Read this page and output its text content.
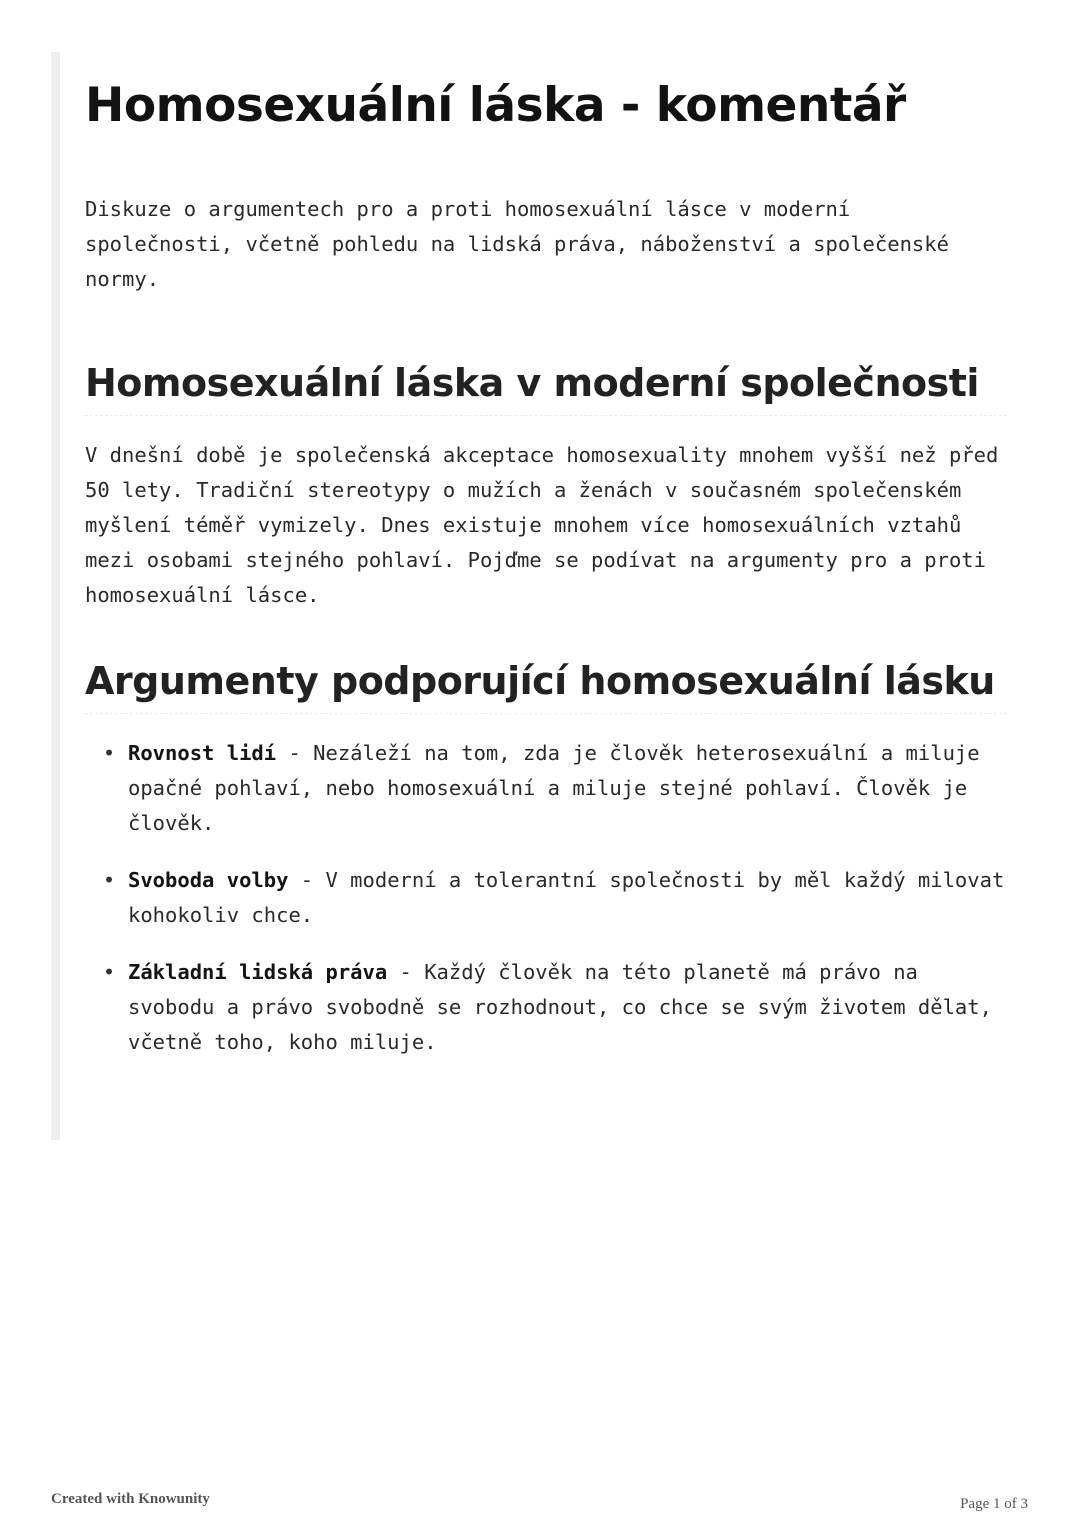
Homosexuální láska - komentář

Diskuze o argumentech pro a proti homosexuální lásce v moderní společnosti, včetně pohledu na lidská práva, náboženství a společenské normy.

Homosexuální láska v moderní společnosti

V dnešní době je společenská akceptace homosexuality mnohem vyšší než před 50 lety. Tradiční stereotypy o mužích a ženách v současném společenském myšlení téměř vymizely. Dnes existuje mnohem více homosexuálních vztahů mezi osobami stejného pohlaví. Pojďme se podívat na argumenty pro a proti homosexuální lásce.

Argumenty podporující homosexuální lásku
• Rovnost lidí - Nezáleží na tom, zda je člověk heterosexuální a miluje opačné pohlaví, nebo homosexuální a miluje stejné pohlaví. Člověk je člověk.
• Svoboda volby - V moderní a tolerantní společnosti by měl každý milovat kohokoliv chce.
• Základní lidská práva - Každý člověk na této planetě má právo na svobodu a právo svobodně se rozhodnout, co chce se svým životem dělat, včetně toho, koho miluje.
Created with Knowunity	Page 1 of 3
